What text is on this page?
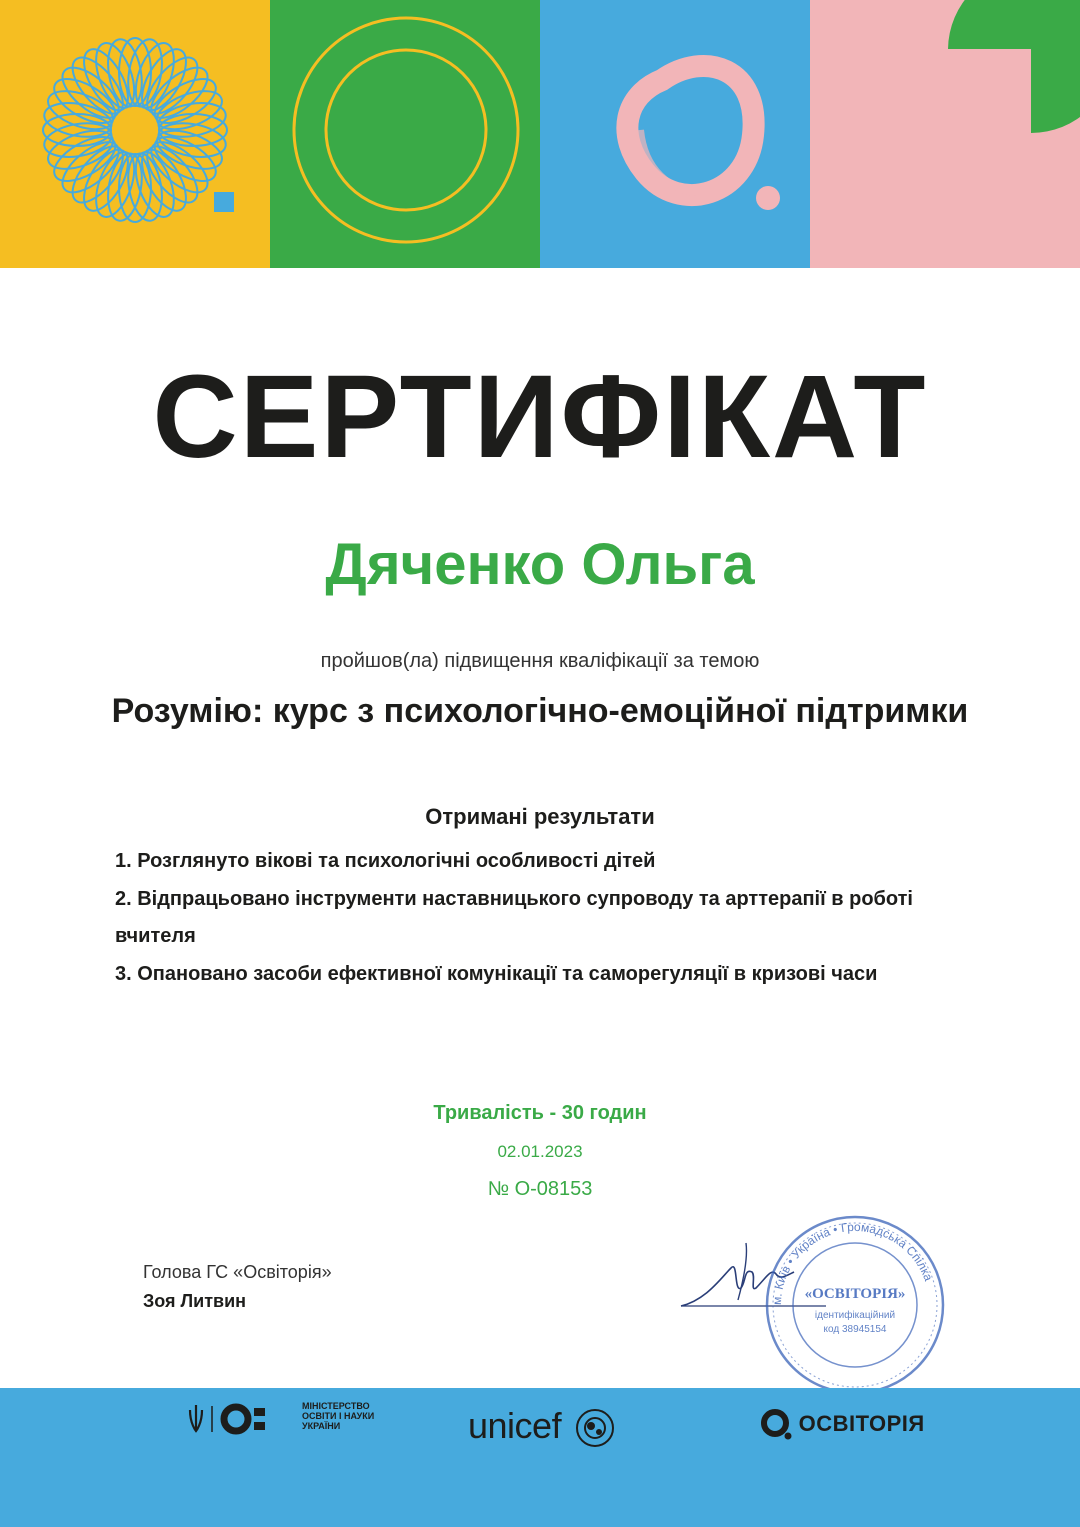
СЕРТИФІКАТ
Дяченко Ольга
пройшов(ла) підвищення кваліфікації за темою
Розумію: курс з психологічно-емоційної підтримки
Отримані результати
1. Розглянуто вікові та психологічні особливості дітей
2. Відпрацьовано інструменти наставницького супроводу та арттерапії в роботі вчителя
3. Опановано засоби ефективної комунікації та саморегуляції в кризові часи
Тривалість - 30 годин
02.01.2023
№ О-08153
Голова ГС «Освіторія»
Зоя Литвин	м. Київ • Україна • Громадська Спілка
«ОСВІТОРІЯ»
ідентифікаційний
код 38945154
МІНІСТЕРСТВО ОСВІТИ І НАУКИ УКРАЇНИ	unicef	ОСВІТОРІЯ
